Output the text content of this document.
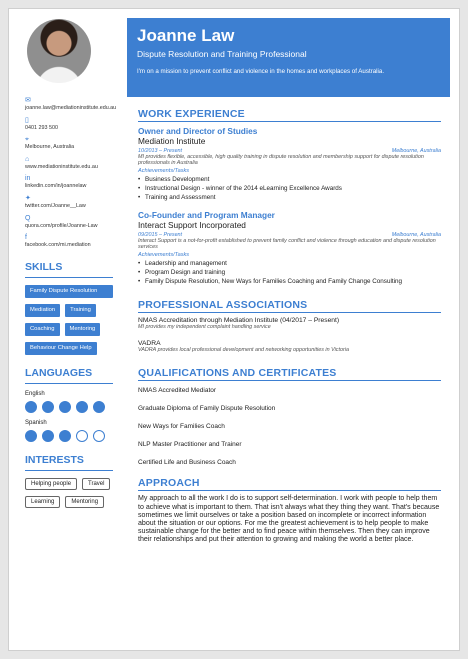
✉
joanne.law@mediationinstitute.edu.au
▯
0401 293 500
⌖
Melbourne, Australia
⌂
www.mediationinstitute.edu.au
in
linkedin.com/in/joannelaw
✦
twitter.com/Joanne__Law
Q
quora.com/profile/Joanne-Law
f
facebook.com/mi.mediation
SKILLS
Family Dispute Resolution
Mediation	Training
Coaching	Mentoring
Behaviour Change Help
LANGUAGES
English
Spanish
INTERESTS
Helping people	Travel
Learning	Mentoring
Joanne Law
Dispute Resolution and Training Professional
I'm on a mission to prevent conflict and violence in the homes and workplaces of Australia.
WORK EXPERIENCE
Owner and Director of Studies
Mediation Institute
10/2013 – Present	Melbourne, Australia
MI provides flexible, accessible, high quality training in dispute resolution and membership support for dispute resolution professionals in Australia
Achievements/Tasks
• Business Development
• Instructional Design - winner of the 2014 eLearning Excellence Awards
• Training and Assessment
Co-Founder and Program Manager
Interact Support Incorporated
09/2015 – Present	Melbourne, Australia
Interact Support is a not-for-profit established to prevent family conflict and violence through education and dispute resolution services
Achievements/Tasks
• Leadership and management
• Program Design and training
• Family Dispute Resolution, New Ways for Families Coaching and Family Change Consulting
PROFESSIONAL ASSOCIATIONS
NMAS Accreditation through Mediation Institute (04/2017 – Present)
MI provides my independent complaint handling service
VADRA
VADRA provides local professional development and networking opportunities in Victoria
QUALIFICATIONS AND CERTIFICATES
NMAS Accredited Mediator
Graduate Diploma of Family Dispute Resolution
New Ways for Families Coach
NLP Master Practitioner and Trainer
Certified Life and Business Coach
APPROACH

My approach to all the work I do is to support self-determination. I work with people to help them to achieve what is important to them. That isn't always what they thing they want. That's because sometimes we limit ourselves or take a position based on incomplete or incorrect information about the situation or our options. For me the greatest achievement is to help people to make sustainable change for the better and to find peace within themselves. Then they can improve their relationships and put their attention to growing and making the world a better place.
